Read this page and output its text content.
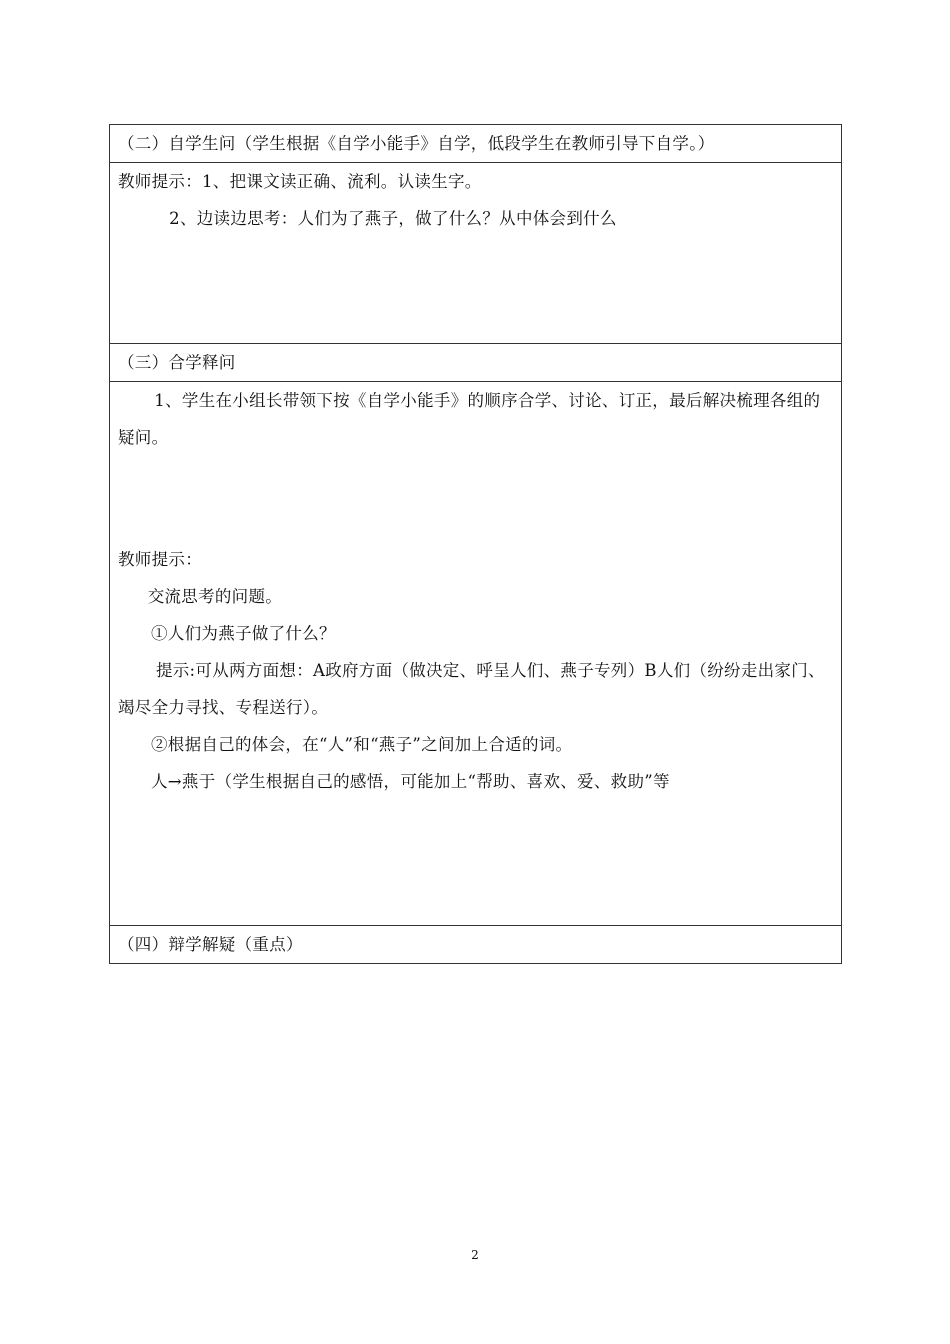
（二）自学生问（学生根据《自学小能手》自学，低段学生在教师引导下自学。）

教师提示：1、把课文读正确、流利。认读生字。

2、边读边思考：人们为了燕子，做了什么？从中体会到什么

（三）合学释问

1、学生在小组长带领下按《自学小能手》的顺序合学、讨论、订正，最后解决梳理各组的疑问。

教师提示：

交流思考的问题。

①人们为燕子做了什么？

提示:可从两方面想：A政府方面（做决定、呼呈人们、燕子专列）B人们（纷纷走出家门、竭尽全力寻找、专程送行）。

②根据自己的体会，在“人”和“燕子”之间加上合适的词。

人→燕于（学生根据自己的感悟，可能加上“帮助、喜欢、爱、救助”等

（四）辩学解疑（重点）
2
